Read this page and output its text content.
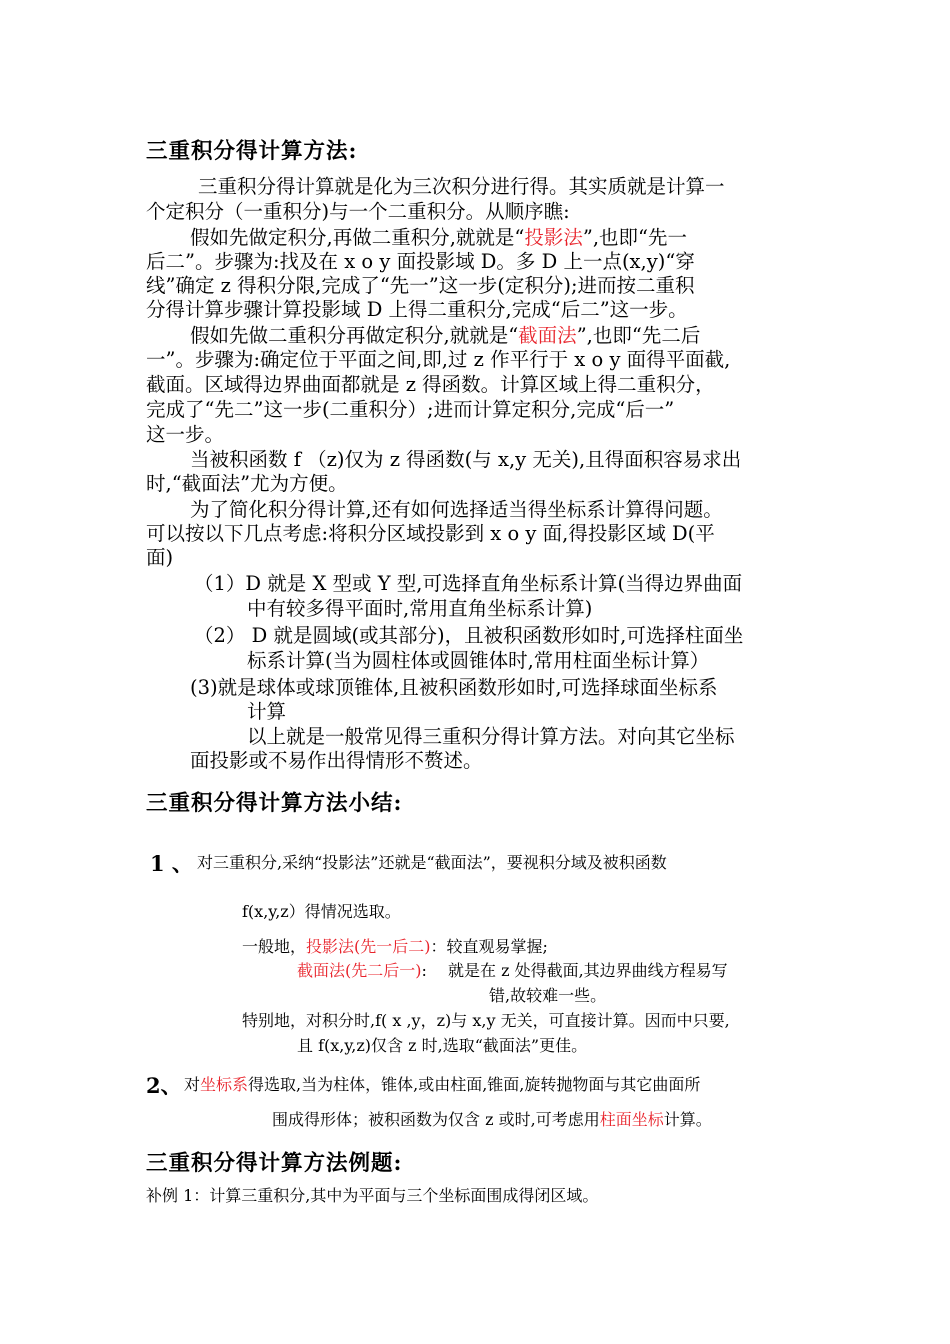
三重积分得计算方法:
三重积分得计算就是化为三次积分进行得。其实质就是计算一
个定积分（一重积分)与一个二重积分。从顺序瞧:
假如先做定积分,再做二重积分,就就是“投影法”,也即“先一
后二”。步骤为:找及在 x o y 面投影域 D。多 D 上一点(x,y)“穿
线”确定 z 得积分限,完成了“先一”这一步(定积分);进而按二重积
分得计算步骤计算投影域 D 上得二重积分,完成“后二”这一步。
假如先做二重积分再做定积分,就就是“截面法”,也即“先二后
一”。步骤为:确定位于平面之间,即,过 z 作平行于 x o y 面得平面截,
截面。区域得边界曲面都就是 z 得函数。计算区域上得二重积分，
完成了“先二”这一步(二重积分）;进而计算定积分,完成“后一”
这一步。
当被积函数 f （z)仅为 z 得函数(与 x,y 无关),且得面积容易求出
时,“截面法”尤为方便。
为了简化积分得计算,还有如何选择适当得坐标系计算得问题。
可以按以下几点考虑:将积分区域投影到 x o y 面,得投影区域 D(平
面)
（1）D 就是 X 型或 Y 型,可选择直角坐标系计算(当得边界曲面
中有较多得平面时,常用直角坐标系计算)
（2） D 就是圆域(或其部分)，且被积函数形如时,可选择柱面坐
标系计算(当为圆柱体或圆锥体时,常用柱面坐标计算）
(3)就是球体或球顶锥体,且被积函数形如时,可选择球面坐标系
计算
以上就是一般常见得三重积分得计算方法。对向其它坐标
面投影或不易作出得情形不赘述。
三重积分得计算方法小结:
1 、 对三重积分,采纳“投影法”还就是“截面法”，要视积分域及被积函数
f(x,y,z）得情况选取。
一般地，投影法(先一后二)：较直观易掌握;
截面法(先二后一):　 就是在 z 处得截面,其边界曲线方程易写
错,故较难一些。
特别地，对积分时,f( x ,y，z)与 x,y 无关，可直接计算。因而中只要,
且 f(x,y,z)仅含 z 时,选取“截面法”更佳。
2、 对坐标系得选取,当为柱体，锥体,或由柱面,锥面,旋转抛物面与其它曲面所
围成得形体；被积函数为仅含 z 或时,可考虑用柱面坐标计算。
三重积分得计算方法例题:
补例 1：计算三重积分,其中为平面与三个坐标面围成得闭区域。
